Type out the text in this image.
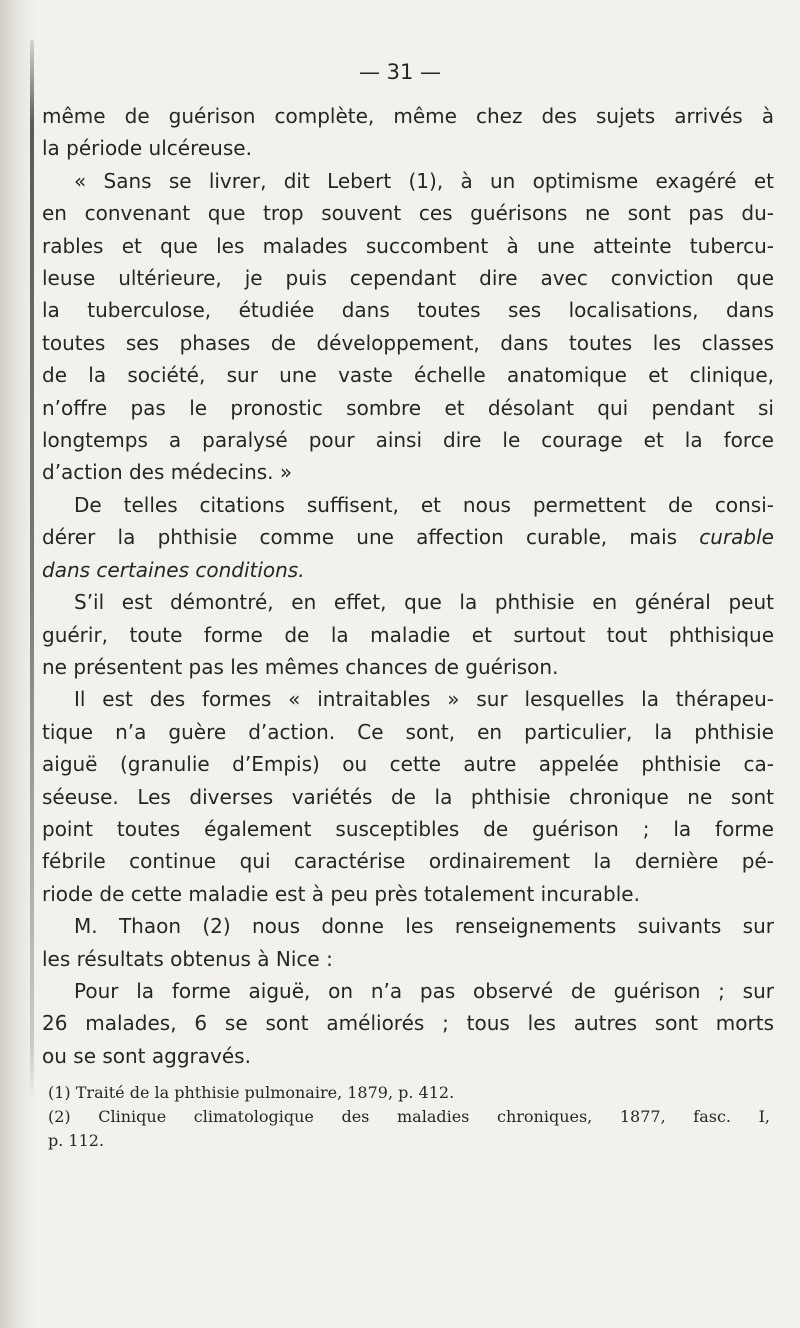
— 31 —

même de guérison complète, même chez des sujets arrivés à

la période ulcéreuse.

« Sans se livrer, dit Lebert (1), à un optimisme exagéré et

en convenant que trop souvent ces guérisons ne sont pas du-

rables et que les malades succombent à une atteinte tubercu-

leuse ultérieure, je puis cependant dire avec conviction que

la tuberculose, étudiée dans toutes ses localisations, dans

toutes ses phases de développement, dans toutes les classes

de la société, sur une vaste échelle anatomique et clinique,

n’offre pas le pronostic sombre et désolant qui pendant si

longtemps a paralysé pour ainsi dire le courage et la force

d’action des médecins. »

De telles citations suffisent, et nous permettent de consi-

dérer la phthisie comme une affection curable, mais curable

dans certaines conditions.

S’il est démontré, en effet, que la phthisie en général peut

guérir, toute forme de la maladie et surtout tout phthisique

ne présentent pas les mêmes chances de guérison.

Il est des formes « intraitables » sur lesquelles la thérapeu-

tique n’a guère d’action. Ce sont, en particulier, la phthisie

aiguë (granulie d’Empis) ou cette autre appelée phthisie ca-

séeuse. Les diverses variétés de la phthisie chronique ne sont

point toutes également susceptibles de guérison ; la forme

fébrile continue qui caractérise ordinairement la dernière pé-

riode de cette maladie est à peu près totalement incurable.

M. Thaon (2) nous donne les renseignements suivants sur

les résultats obtenus à Nice :

Pour la forme aiguë, on n’a pas observé de guérison ; sur

26 malades, 6 se sont améliorés ; tous les autres sont morts

ou se sont aggravés.

(1) Traité de la phthisie pulmonaire, 1879, p. 412.

(2) Clinique climatologique des maladies chroniques, 1877, fasc. I,

p. 112.
